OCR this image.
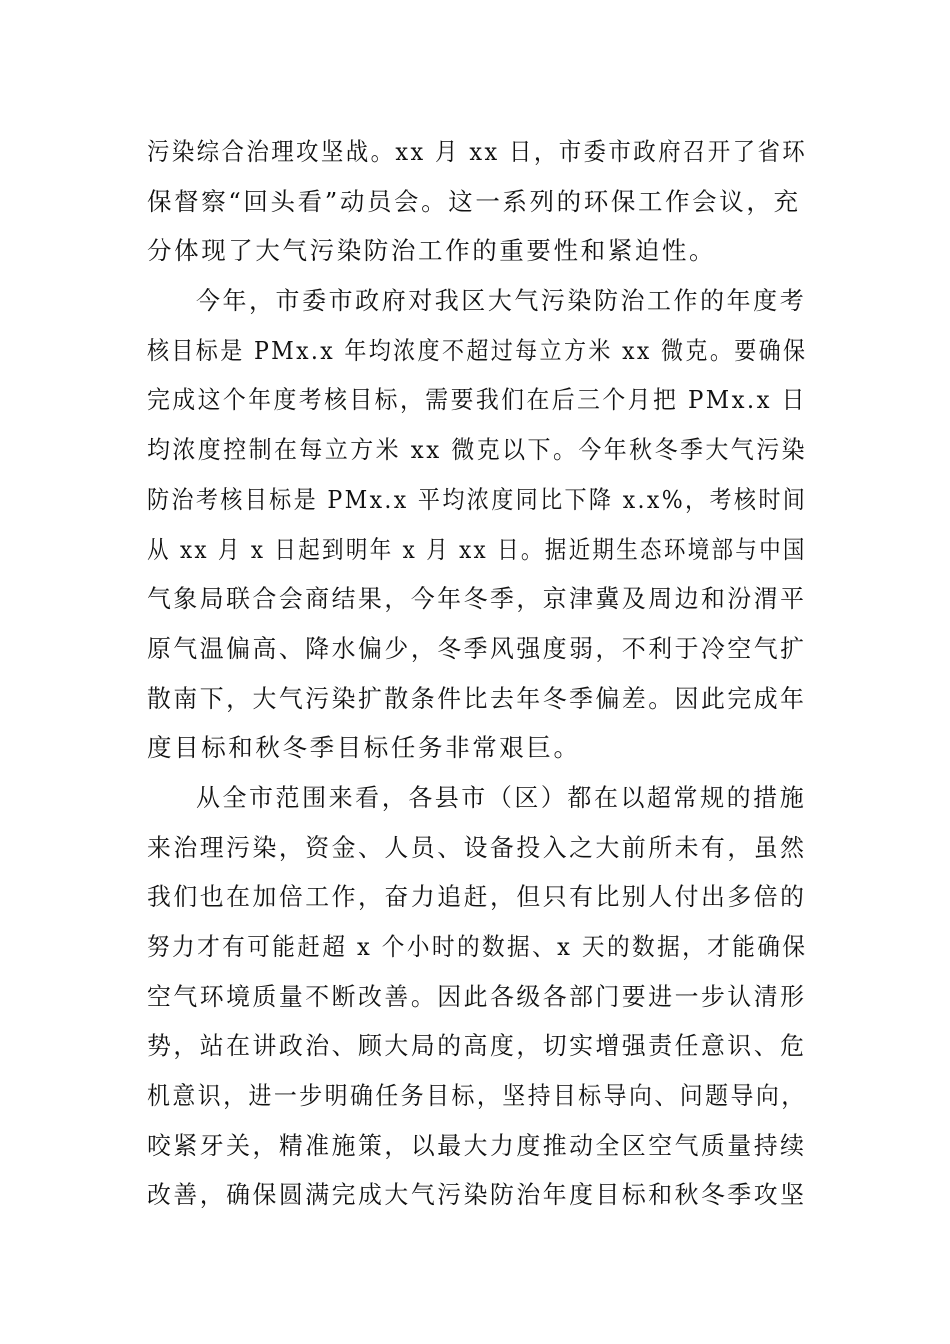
污染综合治理攻坚战。xx 月 xx 日，市委市政府召开了省环
保督察“回头看”动员会。这一系列的环保工作会议，充
分体现了大气污染防治工作的重要性和紧迫性。
今年，市委市政府对我区大气污染防治工作的年度考
核目标是 PMx.x 年均浓度不超过每立方米 xx 微克。要确保
完成这个年度考核目标，需要我们在后三个月把 PMx.x 日
均浓度控制在每立方米 xx 微克以下。今年秋冬季大气污染
防治考核目标是 PMx.x 平均浓度同比下降 x.x%，考核时间
从 xx 月 x 日起到明年 x 月 xx 日。据近期生态环境部与中国
气象局联合会商结果，今年冬季，京津冀及周边和汾渭平
原气温偏高、降水偏少，冬季风强度弱，不利于冷空气扩
散南下，大气污染扩散条件比去年冬季偏差。因此完成年
度目标和秋冬季目标任务非常艰巨。
从全市范围来看，各县市（区）都在以超常规的措施
来治理污染，资金、人员、设备投入之大前所未有，虽然
我们也在加倍工作，奋力追赶，但只有比别人付出多倍的
努力才有可能赶超 x 个小时的数据、x 天的数据，才能确保
空气环境质量不断改善。因此各级各部门要进一步认清形
势，站在讲政治、顾大局的高度，切实增强责任意识、危
机意识，进一步明确任务目标，坚持目标导向、问题导向，
咬紧牙关，精准施策，以最大力度推动全区空气质量持续
改善，确保圆满完成大气污染防治年度目标和秋冬季攻坚
